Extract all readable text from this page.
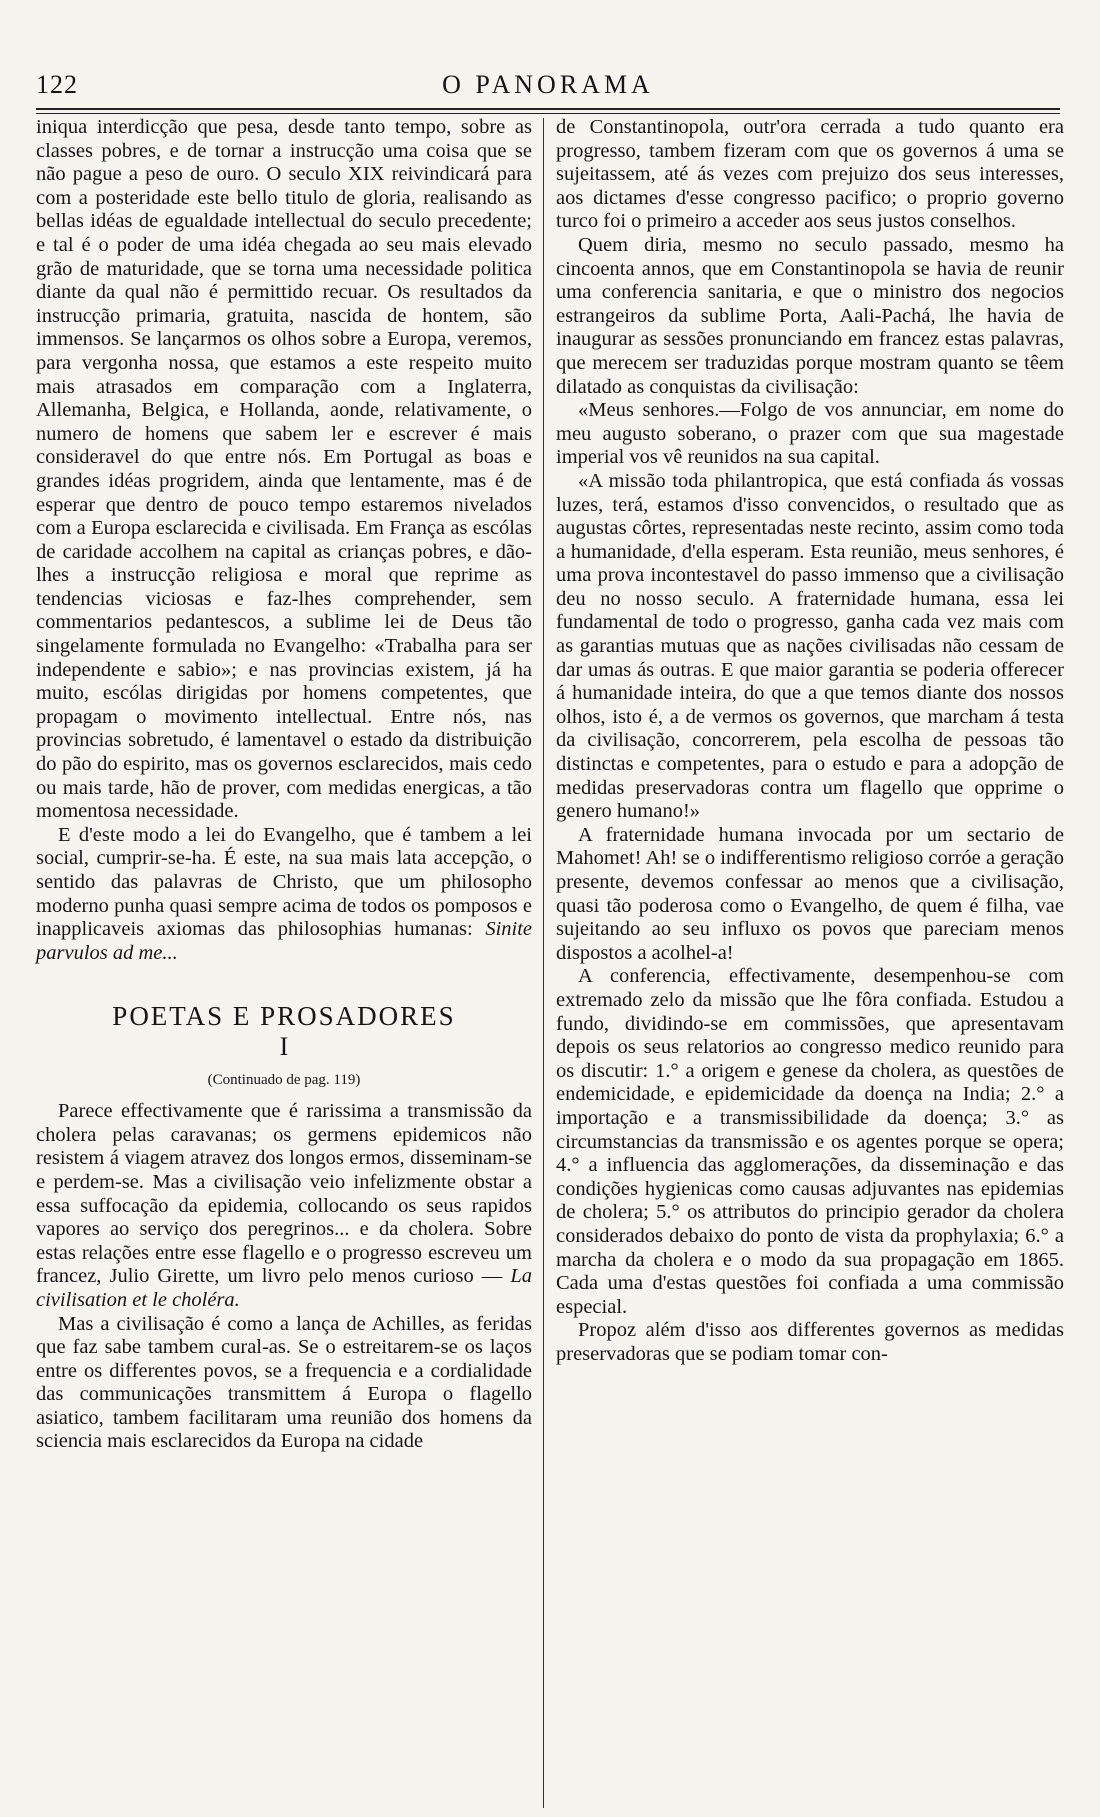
122	O PANORAMA

iniqua interdicção que pesa, desde tanto tempo, sobre as classes pobres, e de tornar a instrucção uma coisa que se não pague a peso de ouro. O seculo XIX reivindicará para com a posteridade este bello titulo de gloria, realisando as bellas idéas de egualdade intellectual do seculo precedente; e tal é o poder de uma idéa chegada ao seu mais elevado grão de maturidade, que se torna uma necessidade politica diante da qual não é permittido recuar. Os resultados da instrucção primaria, gratuita, nascida de hontem, são immensos. Se lançarmos os olhos sobre a Europa, veremos, para vergonha nossa, que estamos a este respeito muito mais atrasados em comparação com a Inglaterra, Allemanha, Belgica, e Hollanda, aonde, relativamente, o numero de homens que sabem ler e escrever é mais consideravel do que entre nós. Em Portugal as boas e grandes idéas progridem, ainda que lentamente, mas é de esperar que dentro de pouco tempo estaremos nivelados com a Europa esclarecida e civilisada. Em França as escólas de caridade accolhem na capital as crianças pobres, e dão-lhes a instrucção religiosa e moral que reprime as tendencias viciosas e faz-lhes comprehender, sem commentarios pedantescos, a sublime lei de Deus tão singelamente formulada no Evangelho: «Trabalha para ser independente e sabio»; e nas provincias existem, já ha muito, escólas dirigidas por homens competentes, que propagam o movimento intellectual. Entre nós, nas provincias sobretudo, é lamentavel o estado da distribuição do pão do espirito, mas os governos esclarecidos, mais cedo ou mais tarde, hão de prover, com medidas energicas, a tão momentosa necessidade.

E d'este modo a lei do Evangelho, que é tambem a lei social, cumprir-se-ha. É este, na sua mais lata accepção, o sentido das palavras de Christo, que um philosopho moderno punha quasi sempre acima de todos os pomposos e inapplicaveis axiomas das philosophias humanas: Sinite parvulos ad me...

POETAS E PROSADORES
I
(Continuado de pag. 119)

Parece effectivamente que é rarissima a transmissão da cholera pelas caravanas; os germens epidemicos não resistem á viagem atravez dos longos ermos, disseminam-se e perdem-se. Mas a civilisação veio infelizmente obstar a essa suffocação da epidemia, collocando os seus rapidos vapores ao serviço dos peregrinos... e da cholera. Sobre estas relações entre esse flagello e o progresso escreveu um francez, Julio Girette, um livro pelo menos curioso — La civilisation et le choléra.

Mas a civilisação é como a lança de Achilles, as feridas que faz sabe tambem cural-as. Se o estreitarem-se os laços entre os differentes povos, se a frequencia e a cordialidade das communicações transmittem á Europa o flagello asiatico, tambem facilitaram uma reunião dos homens da sciencia mais esclarecidos da Europa na cidade

de Constantinopola, outr'ora cerrada a tudo quanto era progresso, tambem fizeram com que os governos á uma se sujeitassem, até ás vezes com prejuizo dos seus interesses, aos dictames d'esse congresso pacifico; o proprio governo turco foi o primeiro a acceder aos seus justos conselhos.

Quem diria, mesmo no seculo passado, mesmo ha cincoenta annos, que em Constantinopola se havia de reunir uma conferencia sanitaria, e que o ministro dos negocios estrangeiros da sublime Porta, Aali-Pachá, lhe havia de inaugurar as sessões pronunciando em francez estas palavras, que merecem ser traduzidas porque mostram quanto se têem dilatado as conquistas da civilisação:

«Meus senhores.—Folgo de vos annunciar, em nome do meu augusto soberano, o prazer com que sua magestade imperial vos vê reunidos na sua capital.

«A missão toda philantropica, que está confiada ás vossas luzes, terá, estamos d'isso convencidos, o resultado que as augustas côrtes, representadas neste recinto, assim como toda a humanidade, d'ella esperam. Esta reunião, meus senhores, é uma prova incontestavel do passo immenso que a civilisação deu no nosso seculo. A fraternidade humana, essa lei fundamental de todo o progresso, ganha cada vez mais com as garantias mutuas que as nações civilisadas não cessam de dar umas ás outras. E que maior garantia se poderia offerecer á humanidade inteira, do que a que temos diante dos nossos olhos, isto é, a de vermos os governos, que marcham á testa da civilisação, concorrerem, pela escolha de pessoas tão distinctas e competentes, para o estudo e para a adopção de medidas preservadoras contra um flagello que opprime o genero humano!»

A fraternidade humana invocada por um sectario de Mahomet! Ah! se o indifferentismo religioso corróe a geração presente, devemos confessar ao menos que a civilisação, quasi tão poderosa como o Evangelho, de quem é filha, vae sujeitando ao seu influxo os povos que pareciam menos dispostos a acolhel-a!

A conferencia, effectivamente, desempenhou-se com extremado zelo da missão que lhe fôra confiada. Estudou a fundo, dividindo-se em commissões, que apresentavam depois os seus relatorios ao congresso medico reunido para os discutir: 1.° a origem e genese da cholera, as questões de endemicidade, e epidemicidade da doença na India; 2.° a importação e a transmissibilidade da doença; 3.° as circumstancias da transmissão e os agentes porque se opera; 4.° a influencia das agglomerações, da disseminação e das condições hygienicas como causas adjuvantes nas epidemias de cholera; 5.° os attributos do principio gerador da cholera considerados debaixo do ponto de vista da prophylaxia; 6.° a marcha da cholera e o modo da sua propagação em 1865. Cada uma d'estas questões foi confiada a uma commissão especial.

Propoz além d'isso aos differentes governos as medidas preservadoras que se podiam tomar con-
